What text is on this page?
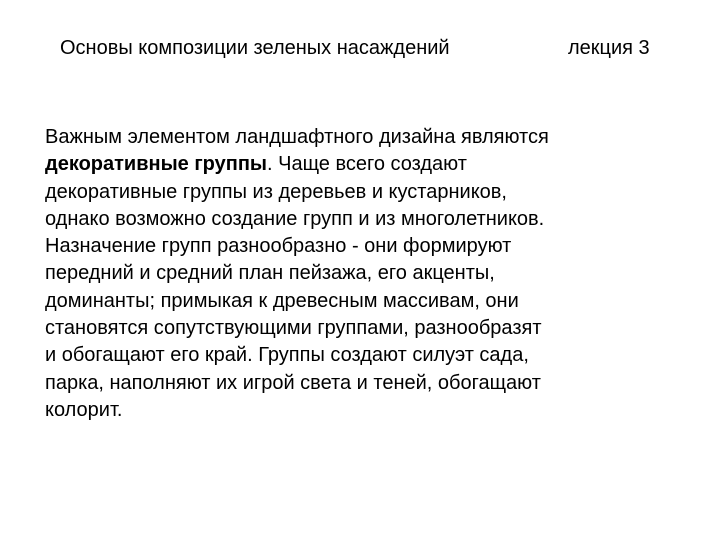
Основы композиции зеленых насаждений	лекция 3
Важным элементом ландшафтного дизайна являются
декоративные группы. Чаще всего создают
декоративные группы из деревьев и кустарников,
однако возможно создание групп и из многолетников.
Назначение групп разнообразно - они формируют
передний и средний план пейзажа, его акценты,
доминанты; примыкая к древесным массивам, они
становятся сопутствующими группами, разнообразят
и обогащают его край. Группы создают силуэт сада,
парка, наполняют их игрой света и теней, обогащают
колорит.
